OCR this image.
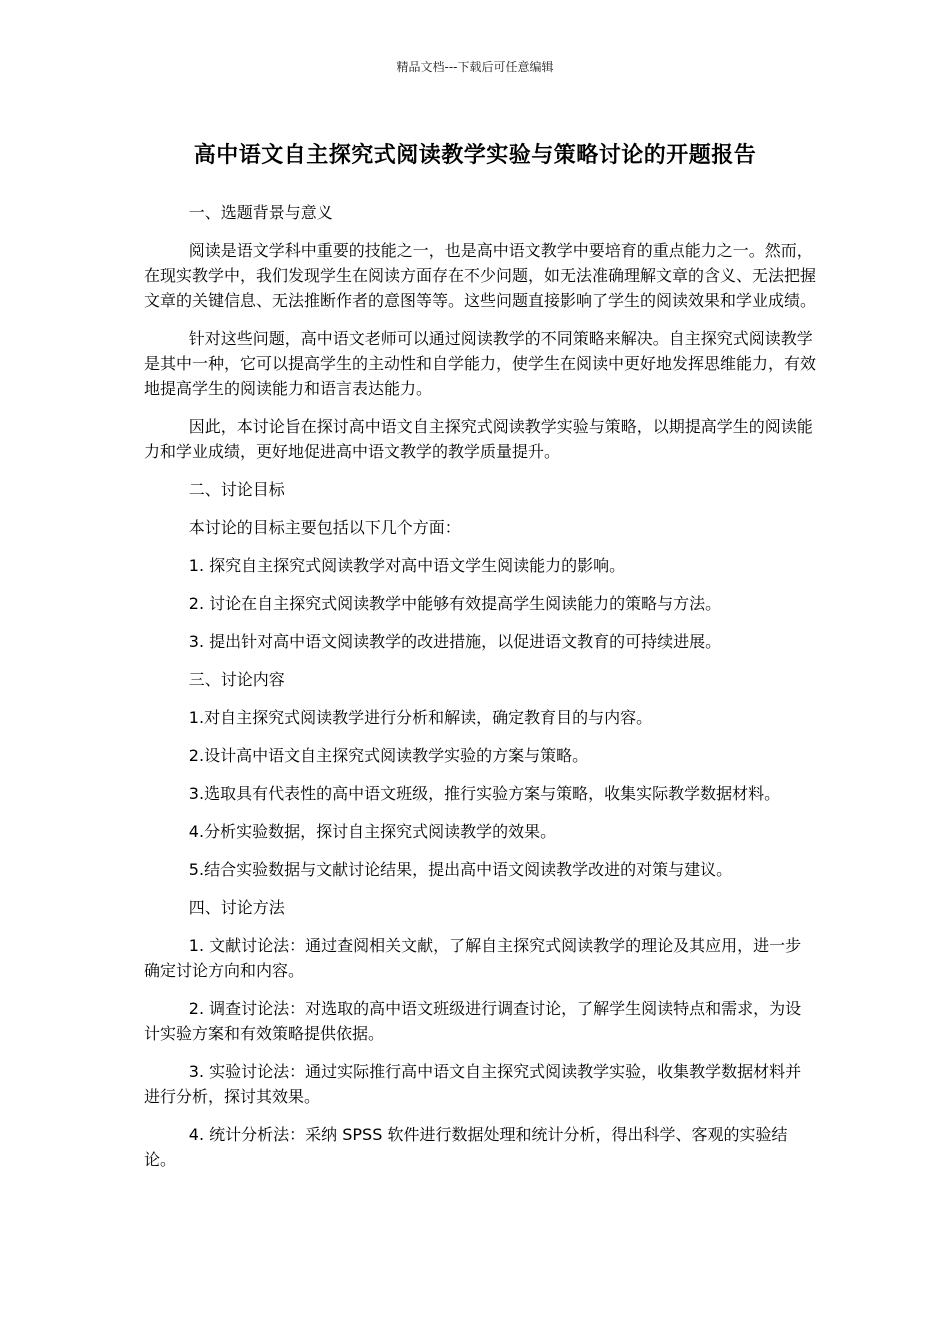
精品文档---下载后可任意编辑
高中语文自主探究式阅读教学实验与策略讨论的开题报告
一、选题背景与意义
阅读是语文学科中重要的技能之一，也是高中语文教学中要培育的重点能力之一。然而，在现实教学中，我们发现学生在阅读方面存在不少问题，如无法准确理解文章的含义、无法把握文章的关键信息、无法推断作者的意图等等。这些问题直接影响了学生的阅读效果和学业成绩。
针对这些问题，高中语文老师可以通过阅读教学的不同策略来解决。自主探究式阅读教学是其中一种，它可以提高学生的主动性和自学能力，使学生在阅读中更好地发挥思维能力，有效地提高学生的阅读能力和语言表达能力。
因此，本讨论旨在探讨高中语文自主探究式阅读教学实验与策略，以期提高学生的阅读能力和学业成绩，更好地促进高中语文教学的教学质量提升。
二、讨论目标
本讨论的目标主要包括以下几个方面：
1. 探究自主探究式阅读教学对高中语文学生阅读能力的影响。
2. 讨论在自主探究式阅读教学中能够有效提高学生阅读能力的策略与方法。
3. 提出针对高中语文阅读教学的改进措施，以促进语文教育的可持续进展。
三、讨论内容
1.对自主探究式阅读教学进行分析和解读，确定教育目的与内容。
2.设计高中语文自主探究式阅读教学实验的方案与策略。
3.选取具有代表性的高中语文班级，推行实验方案与策略，收集实际教学数据材料。
4.分析实验数据，探讨自主探究式阅读教学的效果。
5.结合实验数据与文献讨论结果，提出高中语文阅读教学改进的对策与建议。
四、讨论方法
1. 文献讨论法：通过查阅相关文献，了解自主探究式阅读教学的理论及其应用，进一步确定讨论方向和内容。
2. 调查讨论法：对选取的高中语文班级进行调查讨论，了解学生阅读特点和需求，为设计实验方案和有效策略提供依据。
3. 实验讨论法：通过实际推行高中语文自主探究式阅读教学实验，收集教学数据材料并进行分析，探讨其效果。
4. 统计分析法：采纳 SPSS 软件进行数据处理和统计分析，得出科学、客观的实验结论。
